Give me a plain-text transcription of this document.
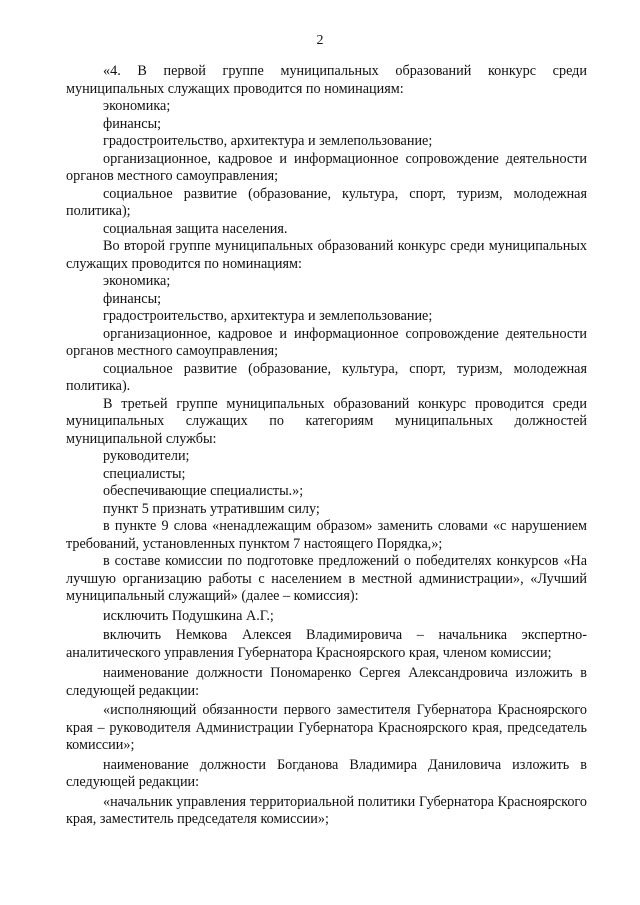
2

«4. В первой группе муниципальных образований конкурс среди муниципальных служащих проводится по номинациям:

экономика;

финансы;

градостроительство, архитектура и землепользование;

организационное, кадровое и информационное сопровождение деятельности органов местного самоуправления;

социальное развитие (образование, культура, спорт, туризм, молодежная политика);

социальная защита населения.

Во второй группе муниципальных образований конкурс среди муниципальных служащих проводится по номинациям:

экономика;

финансы;

градостроительство, архитектура и землепользование;

организационное, кадровое и информационное сопровождение деятельности органов местного самоуправления;

социальное развитие (образование, культура, спорт, туризм, молодежная политика).

В третьей группе муниципальных образований конкурс проводится среди муниципальных служащих по категориям муниципальных должностей муниципальной службы:

руководители;

специалисты;

обеспечивающие специалисты.»;

пункт 5 признать утратившим силу;

в пункте 9 слова «ненадлежащим образом» заменить словами «с нарушением требований, установленных пунктом 7 настоящего Порядка,»;

в составе комиссии по подготовке предложений о победителях конкурсов «На лучшую организацию работы с населением в местной администрации», «Лучший муниципальный служащий» (далее – комиссия):

исключить Подушкина А.Г.;

включить Немкова Алексея Владимировича – начальника экспертно-аналитического управления Губернатора Красноярского края, членом комиссии;

наименование должности Пономаренко Сергея Александровича изложить в следующей редакции:

«исполняющий обязанности первого заместителя Губернатора Красноярского края – руководителя Администрации Губернатора Красноярского края, председатель комиссии»;

наименование должности Богданова Владимира Даниловича изложить в следующей редакции:

«начальник управления территориальной политики Губернатора Красноярского края, заместитель председателя комиссии»;
